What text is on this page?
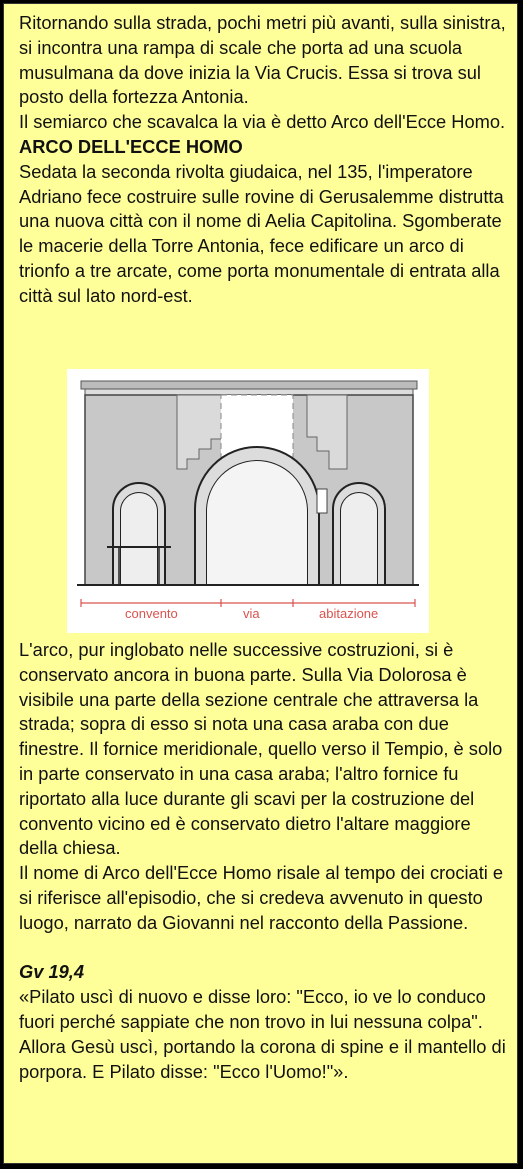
Ritornando sulla strada, pochi metri più avanti, sulla sinistra, si incontra una rampa di scale che porta ad una scuola musulmana da dove inizia la Via Crucis. Essa si trova sul posto della fortezza Antonia.

Il semiarco che scavalca la via è detto Arco dell'Ecce Homo.

ARCO DELL'ECCE HOMO

Sedata la seconda rivolta giudaica, nel 135, l'imperatore Adriano fece costruire sulle rovine di Gerusalemme distrutta una nuova città con il nome di Aelia Capitolina. Sgomberate le macerie della Torre Antonia, fece edificare un arco di trionfo a tre arcate, come porta monumentale di entrata alla città sul lato nord-est.

convento	via	abitazione

L'arco, pur inglobato nelle successive costruzioni, si è conservato ancora in buona parte. Sulla Via Dolorosa è visibile una parte della sezione centrale che attraversa la strada; sopra di esso si nota una casa araba con due finestre. Il fornice meridionale, quello verso il Tempio, è solo in parte conservato in una casa araba; l'altro fornice fu riportato alla luce durante gli scavi per la costruzione del convento vicino ed è conservato dietro l'altare maggiore della chiesa.

Il nome di Arco dell'Ecce Homo risale al tempo dei crociati e si riferisce all'episodio, che si credeva avvenuto in questo luogo, narrato da Giovanni nel racconto della Passione.

Gv 19,4

«Pilato uscì di nuovo e disse loro: "Ecco, io ve lo conduco fuori perché sappiate che non trovo in lui nessuna colpa". Allora Gesù uscì, portando la corona di spine e il mantello di porpora. E Pilato disse: "Ecco l'Uomo!"».
